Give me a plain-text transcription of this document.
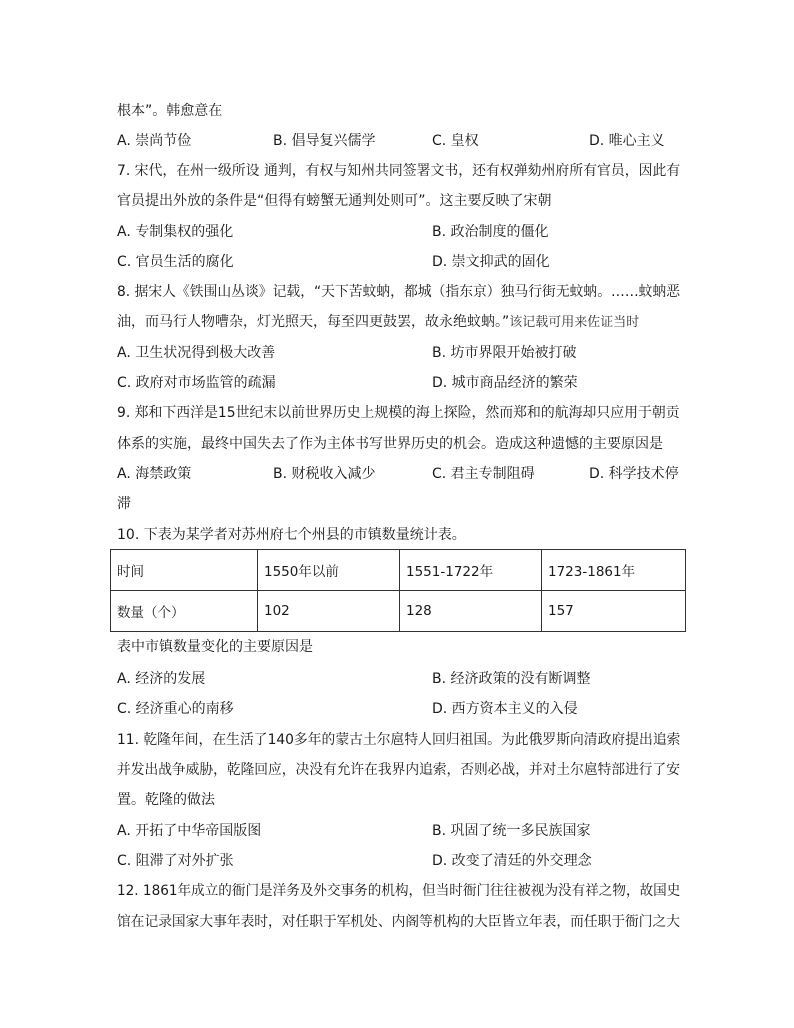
根本”。韩愈意在
A. 崇尚节俭	B. 倡导复兴儒学	C. 皇权	D. 唯心主义
7. 宋代，在州一级所设 通判，有权与知州共同签署文书，还有权弹劾州府所有官员，因此有
官员提出外放的条件是“但得有螃蟹无通判处则可”。这主要反映了宋朝
A. 专制集权的强化	B. 政治制度的僵化
C. 官员生活的腐化	D. 崇文抑武的固化
8. 据宋人《铁围山丛谈》记载，“天下苦蚊蚋，都城（指东京）独马行街无蚊蚋。……蚊蚋恶
油，而马行人物嘈杂，灯光照天，每至四更鼓罢，故永绝蚊蚋。”该记载可用来佐证当时
A. 卫生状况得到极大改善	B. 坊市界限开始被打破
C. 政府对市场监管的疏漏	D. 城市商品经济的繁荣
9. 郑和下西洋是15世纪末以前世界历史上规模的海上探险，然而郑和的航海却只应用于朝贡
体系的实施，最终中国失去了作为主体书写世界历史的机会。造成这种遗憾的主要原因是
A. 海禁政策	B. 财税收入减少	C. 君主专制阻碍	D. 科学技术停
滞
10. 下表为某学者对苏州府七个州县的市镇数量统计表。
时间	1550年以前	1551-1722年	1723-1861年
数量（个）	102	128	157
表中市镇数量变化的主要原因是
A. 经济的发展	B. 经济政策的没有断调整
C. 经济重心的南移	D. 西方资本主义的入侵
11. 乾隆年间，在生活了140多年的蒙古土尔扈特人回归祖国。为此俄罗斯向清政府提出追索
并发出战争威胁，乾隆回应，决没有允许在我界内追索，否则必战，并对土尔扈特部进行了安
置。乾隆的做法
A. 开拓了中华帝国版图	B. 巩固了统一多民族国家
C. 阻滞了对外扩张	D. 改变了清廷的外交理念
12. 1861年成立的衙门是洋务及外交事务的机构，但当时衙门往往被视为没有祥之物，故国史
馆在记录国家大事年表时，对任职于军机处、内阁等机构的大臣皆立年表，而任职于衙门之大
